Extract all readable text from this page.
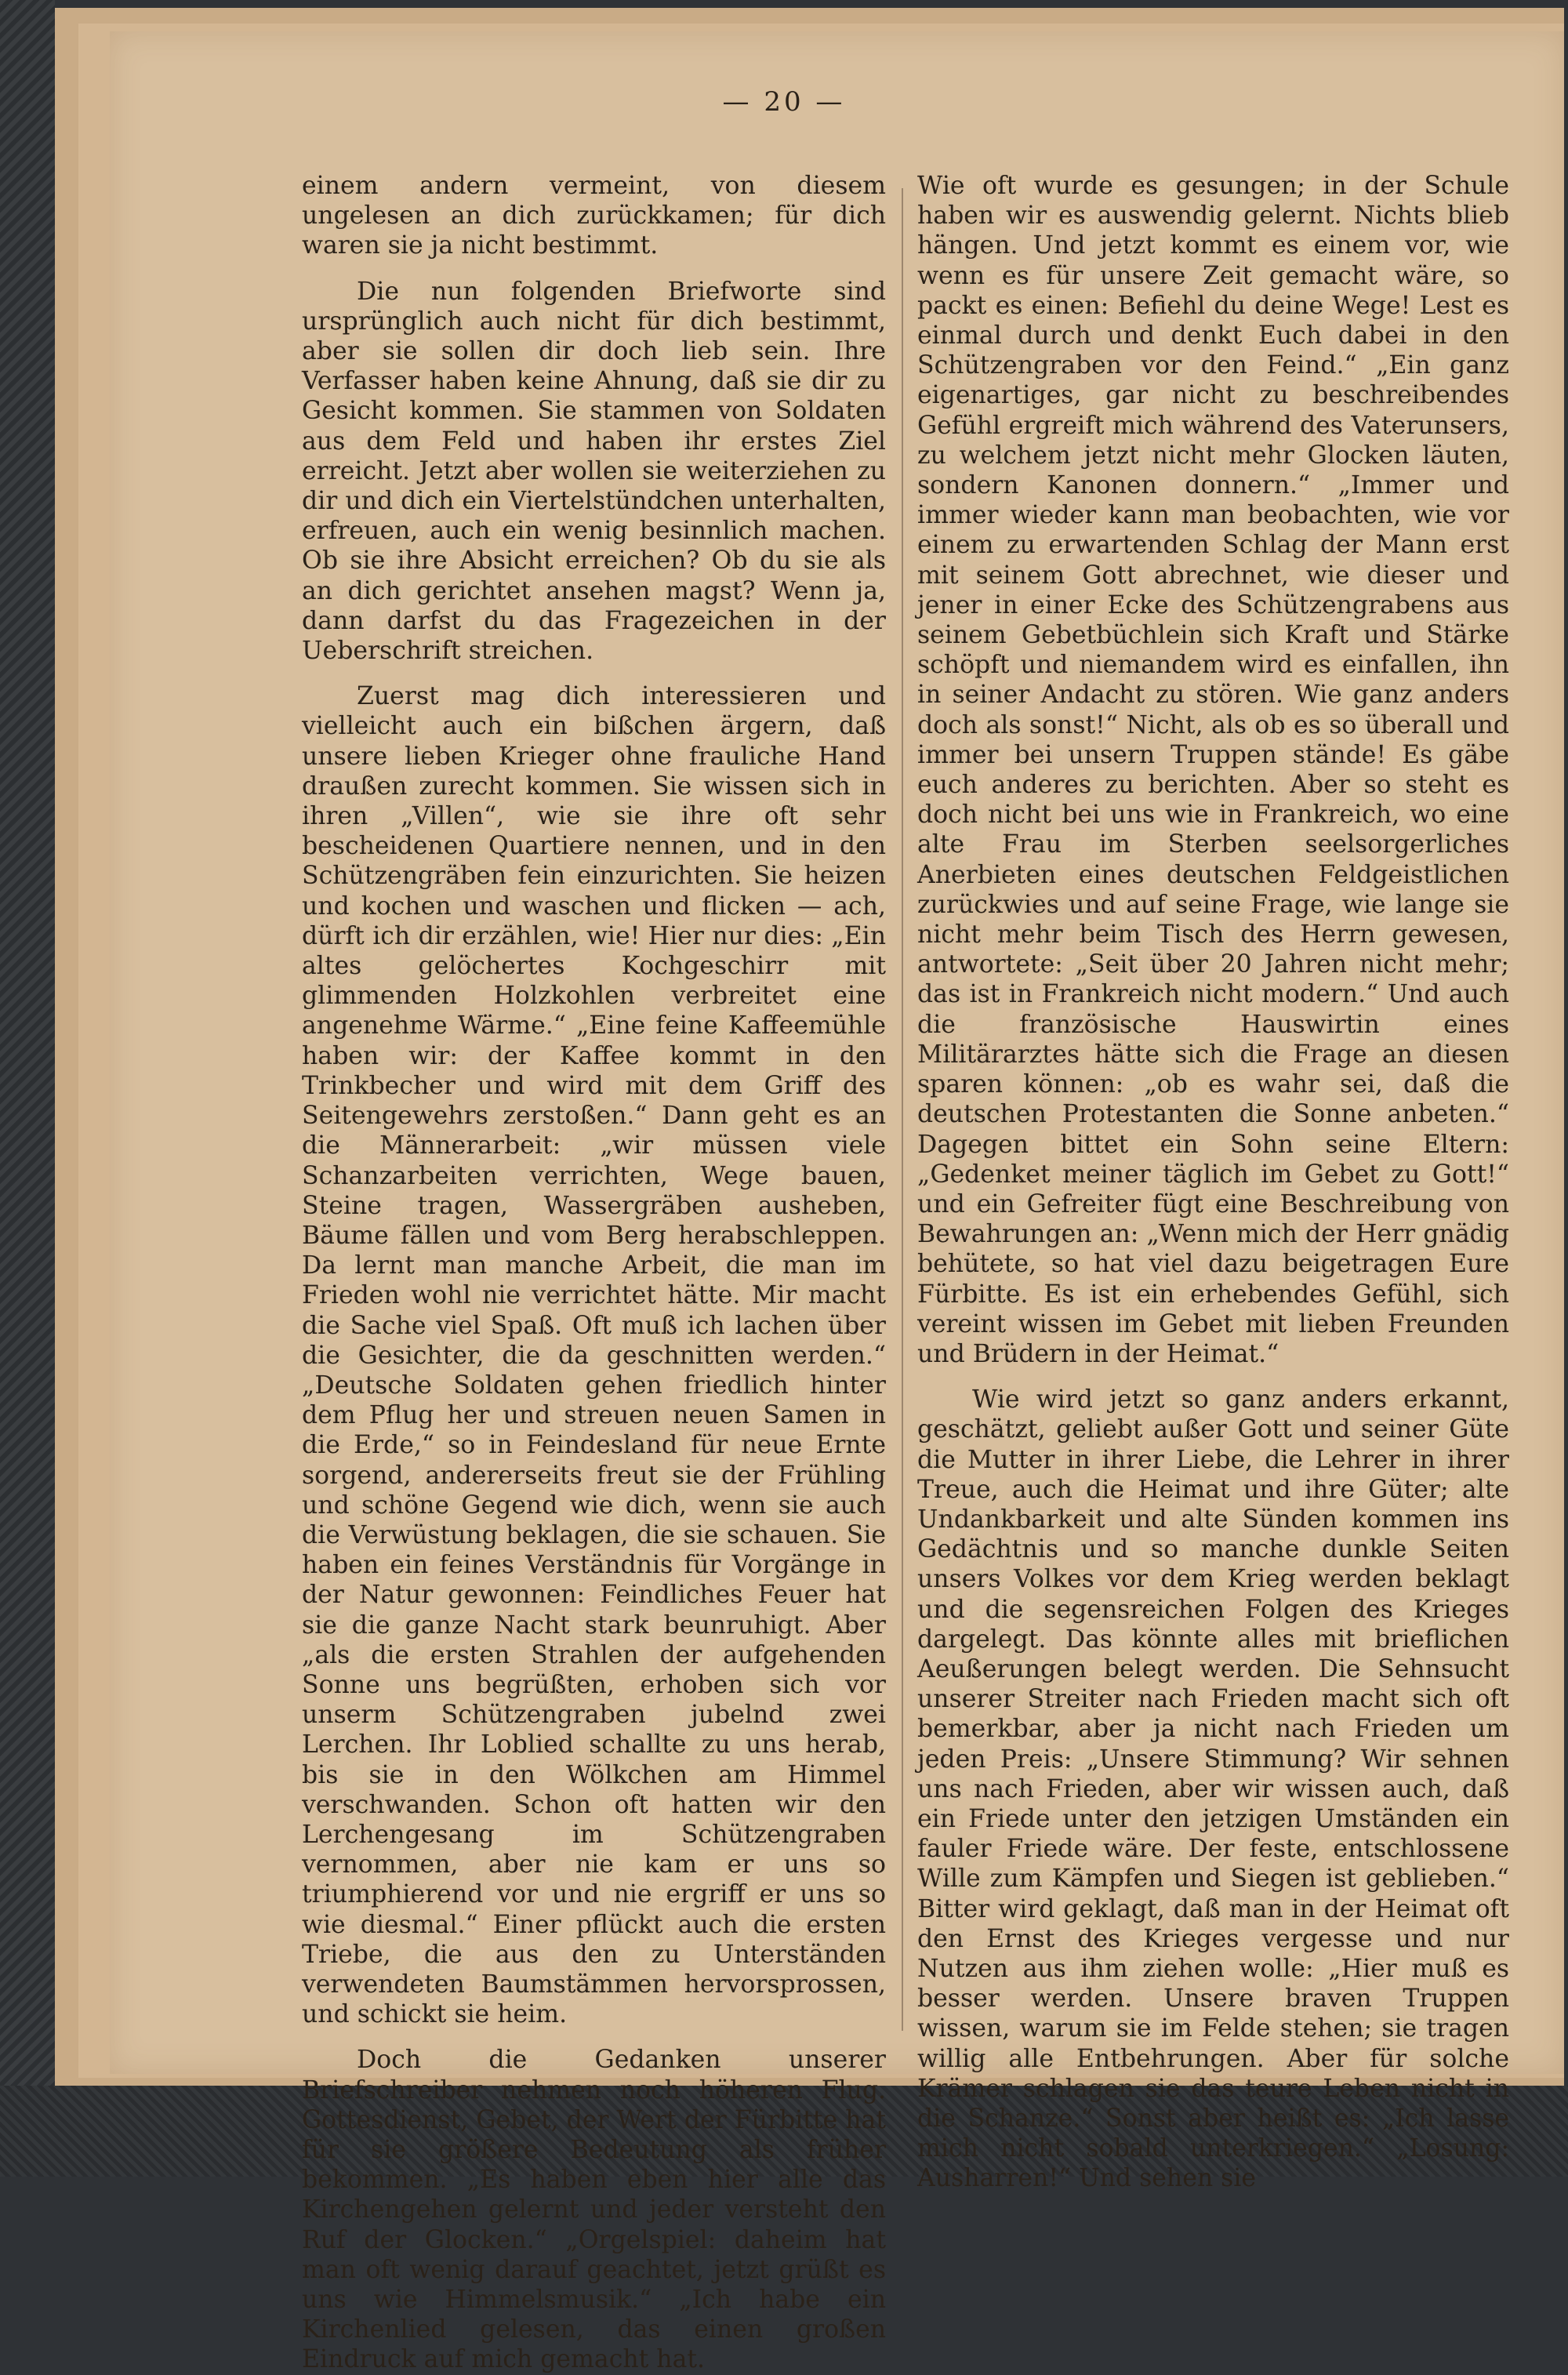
— 20 —

einem andern vermeint, von diesem ungelesen an dich zurückkamen; für dich waren sie ja nicht bestimmt.

Die nun folgenden Briefworte sind ursprünglich auch nicht für dich bestimmt, aber sie sollen dir doch lieb sein. Ihre Verfasser haben keine Ahnung, daß sie dir zu Gesicht kommen. Sie stammen von Soldaten aus dem Feld und haben ihr erstes Ziel erreicht. Jetzt aber wollen sie weiterziehen zu dir und dich ein Viertelstündchen unterhalten, erfreuen, auch ein wenig besinnlich machen. Ob sie ihre Absicht erreichen? Ob du sie als an dich gerichtet ansehen magst? Wenn ja, dann darfst du das Fragezeichen in der Ueberschrift streichen.

Zuerst mag dich interessieren und vielleicht auch ein bißchen ärgern, daß unsere lieben Krieger ohne frauliche Hand draußen zurecht kommen. Sie wissen sich in ihren „Villen“, wie sie ihre oft sehr bescheidenen Quartiere nennen, und in den Schützengräben fein einzurichten. Sie heizen und kochen und waschen und flicken — ach, dürft ich dir erzählen, wie! Hier nur dies: „Ein altes gelöchertes Kochgeschirr mit glimmenden Holzkohlen verbreitet eine angenehme Wärme.“ „Eine feine Kaffeemühle haben wir: der Kaffee kommt in den Trinkbecher und wird mit dem Griff des Seitengewehrs zerstoßen.“ Dann geht es an die Männerarbeit: „wir müssen viele Schanzarbeiten verrichten, Wege bauen, Steine tragen, Wassergräben ausheben, Bäume fällen und vom Berg herabschleppen. Da lernt man manche Arbeit, die man im Frieden wohl nie verrichtet hätte. Mir macht die Sache viel Spaß. Oft muß ich lachen über die Gesichter, die da geschnitten werden.“ „Deutsche Soldaten gehen friedlich hinter dem Pflug her und streuen neuen Samen in die Erde,“ so in Feindesland für neue Ernte sorgend, andererseits freut sie der Frühling und schöne Gegend wie dich, wenn sie auch die Verwüstung beklagen, die sie schauen. Sie haben ein feines Verständnis für Vorgänge in der Natur gewonnen: Feindliches Feuer hat sie die ganze Nacht stark beunruhigt. Aber „als die ersten Strahlen der aufgehenden Sonne uns begrüßten, erhoben sich vor unserm Schützengraben jubelnd zwei Lerchen. Ihr Loblied schallte zu uns herab, bis sie in den Wölkchen am Himmel verschwanden. Schon oft hatten wir den Lerchengesang im Schützengraben vernommen, aber nie kam er uns so triumphierend vor und nie ergriff er uns so wie diesmal.“ Einer pflückt auch die ersten Triebe, die aus den zu Unterständen verwendeten Baumstämmen hervorsprossen, und schickt sie heim.

Doch die Gedanken unserer Briefschreiber nehmen noch höheren Flug. Gottesdienst, Gebet, der Wert der Fürbitte hat für sie größere Bedeutung als früher bekommen. „Es haben eben hier alle das Kirchengehen gelernt und jeder versteht den Ruf der Glocken.“ „Orgelspiel: daheim hat man oft wenig darauf geachtet, jetzt grüßt es uns wie Himmelsmusik.“ „Ich habe ein Kirchenlied gelesen, das einen großen Eindruck auf mich gemacht hat.

Wie oft wurde es gesungen; in der Schule haben wir es auswendig gelernt. Nichts blieb hängen. Und jetzt kommt es einem vor, wie wenn es für unsere Zeit gemacht wäre, so packt es einen: Befiehl du deine Wege! Lest es einmal durch und denkt Euch dabei in den Schützengraben vor den Feind.“ „Ein ganz eigenartiges, gar nicht zu beschreibendes Gefühl ergreift mich während des Vaterunsers, zu welchem jetzt nicht mehr Glocken läuten, sondern Kanonen donnern.“ „Immer und immer wieder kann man beobachten, wie vor einem zu erwartenden Schlag der Mann erst mit seinem Gott abrechnet, wie dieser und jener in einer Ecke des Schützengrabens aus seinem Gebetbüchlein sich Kraft und Stärke schöpft und niemandem wird es einfallen, ihn in seiner Andacht zu stören. Wie ganz anders doch als sonst!“ Nicht, als ob es so überall und immer bei unsern Truppen stände! Es gäbe euch anderes zu berichten. Aber so steht es doch nicht bei uns wie in Frankreich, wo eine alte Frau im Sterben seelsorgerliches Anerbieten eines deutschen Feldgeistlichen zurückwies und auf seine Frage, wie lange sie nicht mehr beim Tisch des Herrn gewesen, antwortete: „Seit über 20 Jahren nicht mehr; das ist in Frankreich nicht modern.“ Und auch die französische Hauswirtin eines Militärarztes hätte sich die Frage an diesen sparen können: „ob es wahr sei, daß die deutschen Protestanten die Sonne anbeten.“ Dagegen bittet ein Sohn seine Eltern: „Gedenket meiner täglich im Gebet zu Gott!“ und ein Gefreiter fügt eine Beschreibung von Bewahrungen an: „Wenn mich der Herr gnädig behütete, so hat viel dazu beigetragen Eure Fürbitte. Es ist ein erhebendes Gefühl, sich vereint wissen im Gebet mit lieben Freunden und Brüdern in der Heimat.“

Wie wird jetzt so ganz anders erkannt, geschätzt, geliebt außer Gott und seiner Güte die Mutter in ihrer Liebe, die Lehrer in ihrer Treue, auch die Heimat und ihre Güter; alte Undankbarkeit und alte Sünden kommen ins Gedächtnis und so manche dunkle Seiten unsers Volkes vor dem Krieg werden beklagt und die segensreichen Folgen des Krieges dargelegt. Das könnte alles mit brieflichen Aeußerungen belegt werden. Die Sehnsucht unserer Streiter nach Frieden macht sich oft bemerkbar, aber ja nicht nach Frieden um jeden Preis: „Unsere Stimmung? Wir sehnen uns nach Frieden, aber wir wissen auch, daß ein Friede unter den jetzigen Umständen ein fauler Friede wäre. Der feste, entschlossene Wille zum Kämpfen und Siegen ist geblieben.“ Bitter wird geklagt, daß man in der Heimat oft den Ernst des Krieges vergesse und nur Nutzen aus ihm ziehen wolle: „Hier muß es besser werden. Unsere braven Truppen wissen, warum sie im Felde stehen; sie tragen willig alle Entbehrungen. Aber für solche Krämer schlagen sie das teure Leben nicht in die Schanze.“ Sonst aber heißt es: „Ich lasse mich nicht sobald unterkriegen.“ „Losung: Ausharren!“ Und sehen sie
